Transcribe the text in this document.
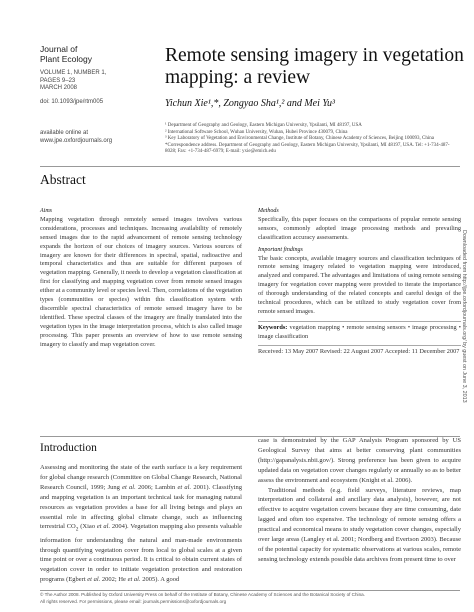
Journal of
Plant Ecology
VOLUME 1, NUMBER 1,
PAGES 9–23
MARCH 2008
doi: 10.1093/jpe/rtm005
available online at
www.jpe.oxfordjournals.org
Remote sensing imagery in vegetation mapping: a review
Yichun Xie¹,*, Zongyao Sha¹,² and Mei Yu³
¹ Department of Geography and Geology, Eastern Michigan University, Ypsilanti, MI 48197, USA
² International Software School, Wuhan University, Wuhan, Hubei Province 430079, China
³ Key Laboratory of Vegetation and Environmental Change, Institute of Botany, Chinese Academy of Sciences, Beijing 100093, China
*Correspondence address. Department of Geography and Geology, Eastern Michigan University, Ypsilanti, MI 48197, USA. Tel: +1-734-487-8028; Fax: +1-734-487-6979; E-mail: yxie@emich.edu
Abstract

Aims

Mapping vegetation through remotely sensed images involves various considerations, processes and techniques. Increasing availability of remotely sensed images due to the rapid advancement of remote sensing technology expands the horizon of our choices of imagery sources. Various sources of imagery are known for their differences in spectral, spatial, radioactive and temporal characteristics and thus are suitable for different purposes of vegetation mapping. Generally, it needs to develop a vegetation classification at first for classifying and mapping vegetation cover from remote sensed images either at a community level or species level. Then, correlations of the vegetation types (communities or species) within this classification system with discernible spectral characteristics of remote sensed imagery have to be identified. These spectral classes of the imagery are finally translated into the vegetation types in the image interpretation process, which is also called image processing. This paper presents an overview of how to use remote sensing imagery to classify and map vegetation cover.

Methods

Specifically, this paper focuses on the comparisons of popular remote sensing sensors, commonly adopted image processing methods and prevailing classification accuracy assessments.

Important findings

The basic concepts, available imagery sources and classification techniques of remote sensing imagery related to vegetation mapping were introduced, analyzed and compared. The advantages and limitations of using remote sensing imagery for vegetation cover mapping were provided to iterate the importance of thorough understanding of the related concepts and careful design of the technical procedures, which can be utilized to study vegetation cover from remote sensed images.

Keywords: vegetation mapping • remote sensing sensors • image processing • image classification

Received: 13 May 2007 Revised: 22 August 2007 Accepted: 11 December 2007

Introduction

Assessing and monitoring the state of the earth surface is a key requirement for global change research (Committee on Global Change Research, National Research Council, 1999; Jung et al. 2006; Lambin et al. 2001). Classifying and mapping vegetation is an important technical task for managing natural resources as vegetation provides a base for all living beings and plays an essential role in affecting global climate change, such as influencing terrestrial $CO_2$ (Xiao et al. 2004). Vegetation mapping also presents valuable information for understanding the natural and man-made environments through quantifying vegetation cover from local to global scales at a given time point or over a continuous period. It is critical to obtain current states of vegetation cover in order to initiate vegetation protection and restoration programs (Egbert et al. 2002; He et al. 2005). A good

case is demonstrated by the GAP Analysis Program sponsored by US Geological Survey that aims at better conserving plant communities (http://gapanalysis.nbii.gov/). Strong preference has been given to acquire updated data on vegetation cover changes regularly or annually so as to better assess the environment and ecosystem (Knight et al. 2006).

Traditional methods (e.g. field surveys, literature reviews, map interpretation and collateral and ancillary data analysis), however, are not effective to acquire vegetation covers because they are time consuming, date lagged and often too expensive. The technology of remote sensing offers a practical and economical means to study vegetation cover changes, especially over large areas (Langley et al. 2001; Nordberg and Evertson 2003). Because of the potential capacity for systematic observations at various scales, remote sensing technology extends possible data archives from present time to over

© The Author 2008. Published by Oxford University Press on behalf of the Institute of Botany, Chinese Academy of Sciences and the Botanical Society of China.
All rights reserved. For permissions, please email: journals.permissions@oxfordjournals.org
Downloaded from http://jpe.oxfordjournals.org/ by guest on June 3, 2013
